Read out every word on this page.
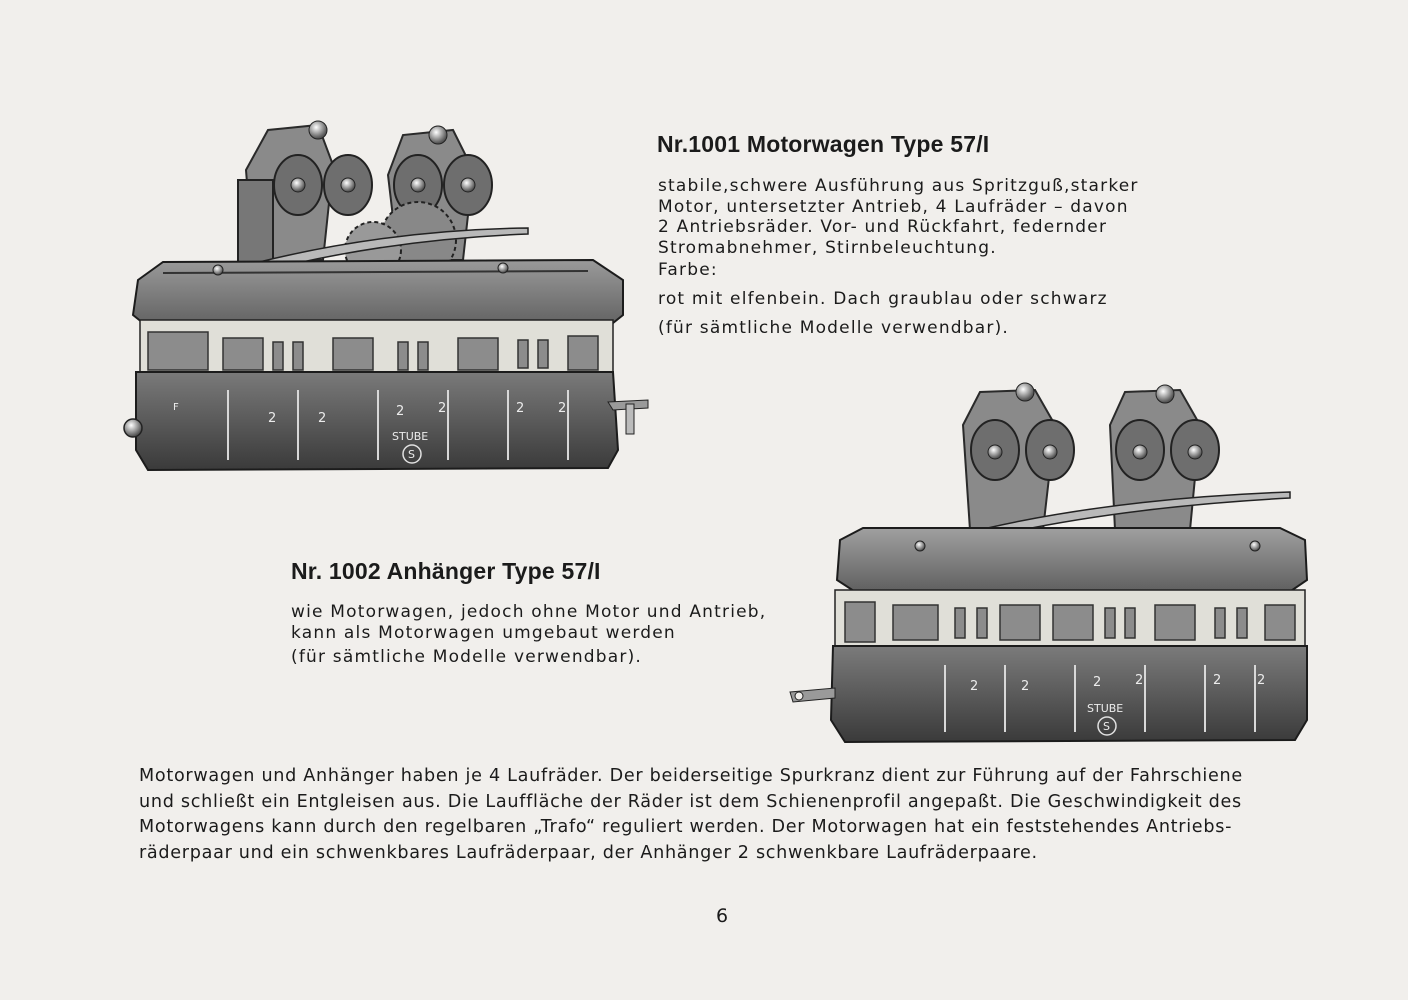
2	2	2	2	2	2
F
STUBE
S
2	2	2	2	2	2
STUBE
S
Nr.1001 Motorwagen Type 57/I

stabile,schwere Ausführung aus Spritzguß,starker

Motor, untersetzter Antrieb, 4 Laufräder – davon

2 Antriebsräder. Vor- und Rückfahrt, federnder

Stromabnehmer, Stirnbeleuchtung.

Farbe:

rot mit elfenbein. Dach graublau oder schwarz

(für sämtliche Modelle verwendbar).

Nr. 1002 Anhänger Type 57/I

wie Motorwagen, jedoch ohne Motor und Antrieb,

kann als Motorwagen umgebaut werden

(für sämtliche Modelle verwendbar).

Motorwagen und Anhänger haben je 4 Laufräder. Der beiderseitige Spurkranz dient zur Führung auf der Fahrschiene

und schließt ein Entgleisen aus. Die Lauffläche der Räder ist dem Schienenprofil angepaßt. Die Geschwindigkeit des

Motorwagens kann durch den regelbaren „Trafo“ reguliert werden. Der Motorwagen hat ein feststehendes Antriebs-

räderpaar und ein schwenkbares Laufräderpaar, der Anhänger 2 schwenkbare Laufräderpaare.

6
